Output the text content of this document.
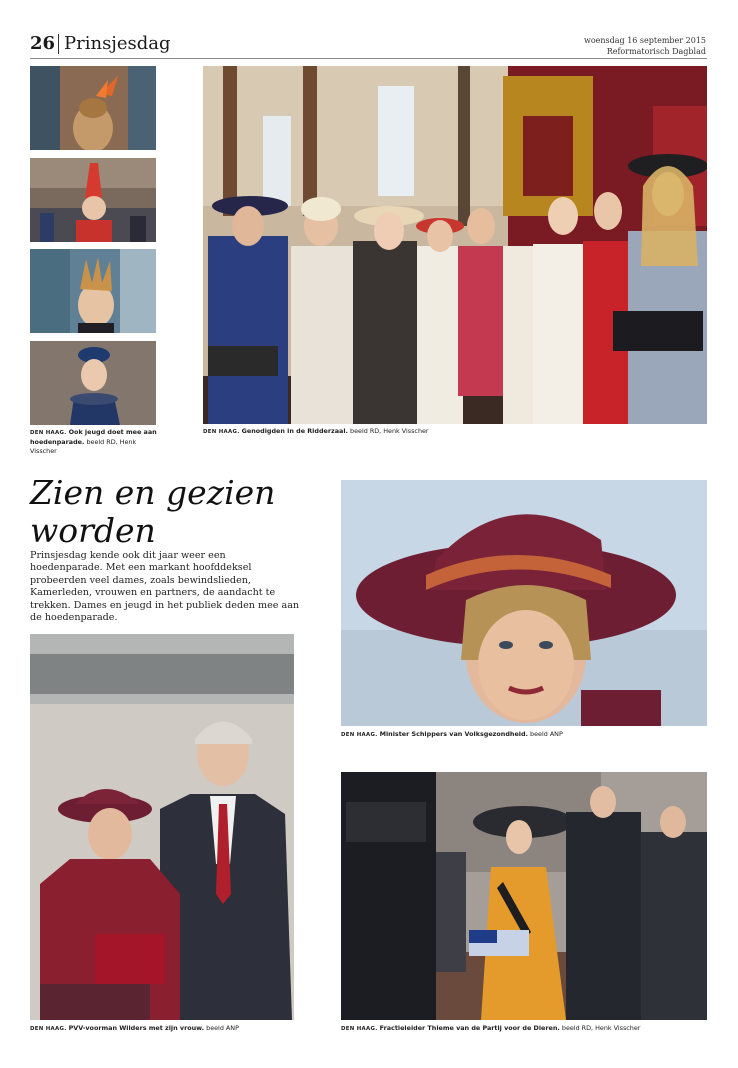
26 Prinsjesdag	woensdag 16 september 2015
Reformatorisch Dagblad
DEN HAAG. Ook jeugd doet mee aan hoedenparade. beeld RD, Henk Visscher
DEN HAAG. Genodigden in de Ridderzaal. beeld RD, Henk Visscher
Zien en gezien
worden
Prinsjesdag kende ook dit jaar weer een hoedenparade. Met een markant hoofddeksel probeerden veel dames, zoals bewindslieden, Kamerleden, vrouwen en partners, de aandacht te trekken. Dames en jeugd in het publiek deden mee aan de hoedenparade.
DEN HAAG. Minister Schippers van Volksgezondheid. beeld ANP
DEN HAAG. PVV-voorman Wilders met zijn vrouw. beeld ANP	DEN HAAG. Fractieleider Thieme van de Partij voor de Dieren. beeld RD, Henk Visscher
